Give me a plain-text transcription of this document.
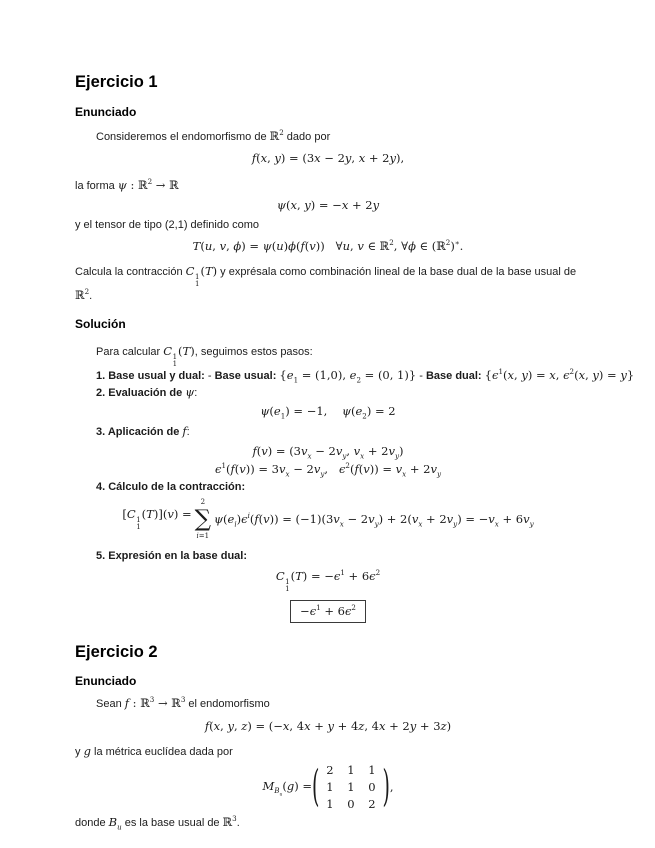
Ejercicio 1
Enunciado

Consideremos el endomorfismo de ℝ$^2$ dado por

f(x, y) = (3x − 2y, x + 2y),

la forma ψ : ℝ$^2$ → ℝ

ψ(x, y) = −x + 2y

y el tensor de tipo (2,1) definido como

T(u, v, ϕ) = ψ(u)ϕ(f(v))   ∀u, v ∈ ℝ$^2$, ∀ϕ ∈ (ℝ$^2$)∗.

Calcula la contracción C 1
1
(T) y exprésala como combinación lineal de la base dual de la base usual de ℝ$^2$.

Solución

Para calcular C 1
1
(T), seguimos estos pasos:

1. Base usual y dual: - Base usual: {$e_1 = (1,0)$, $e_2 = (0$, 1)} - Base dual: {$\epsilon^1(x$, y) = x, $\epsilon^2(x$, y) = y}

2. Evaluación de ψ:

$\psi(e_1) = -1$,    $\psi(e_2) = 2$

3. Aplicación de f:

$f(v) = (3v_x - 2v_y$, $v_x + 2v_y$)
$\epsilon^1(f(v)) = 3v_x - 2v_y$,   $\epsilon^2(f(v)) = v_x + 2v_y$

4. Cálculo de la contracción:

[C 1
1
(T)](v) =
2
∑
i=1
$\psi(e_i)\epsilon^i(f(v)) = (-1)(3v_x - 2v_y) + 2(v_x + 2v_y) = -v_x + 6v_y$

5. Expresión en la base dual:

C 1
1
$(T) = -\epsilon^1 + 6\epsilon^2$
$-\epsilon^1 + 6\epsilon^2$
Ejercicio 2
Enunciado

Sean f : ℝ$^3$ → ℝ$^3$ el endomorfismo

f(x, y, z) = (−x, 4x + y + 4z, 4x + 2y + 3z)

y g la métrica euclídea dada por

$M_{B_u}(g)$ = ( 2 1 1
1 1 0
1 0 2 ) ,

donde $B_u$ es la base usual de ℝ$^3$.
